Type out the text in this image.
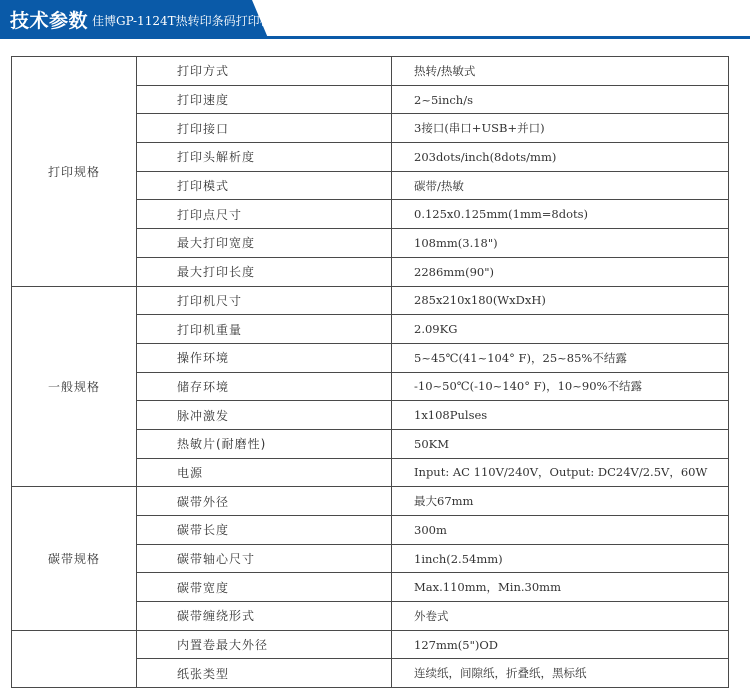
技术参数 佳博GP-1124T热转印条码打印机
打印规格	打印方式	热转/热敏式
	打印速度	2~5inch/s
	打印接口	3接口(串口+USB+并口)
	打印头解析度	203dots/inch(8dots/mm)
	打印模式	碳带/热敏
	打印点尺寸	0.125x0.125mm(1mm=8dots)
	最大打印宽度	108mm(3.18")
	最大打印长度	2286mm(90")
一般规格	打印机尺寸	285x210x180(WxDxH)
	打印机重量	2.09KG
	操作环境	5~45℃(41~104° F)，25~85%不结露
	储存环境	-10~50℃(-10~140° F)，10~90%不结露
	脉冲激发	1x108Pulses
	热敏片(耐磨性)	50KM
	电源	Input: AC 110V/240V，Output: DC24V/2.5V，60W
碳带规格	碳带外径	最大67mm
	碳带长度	300m
	碳带轴心尺寸	1inch(2.54mm)
	碳带宽度	Max.110mm，Min.30mm
	碳带缠绕形式	外卷式
	内置卷最大外径	127mm(5")OD
	纸张类型	连续纸，间隙纸，折叠纸，黑标纸
